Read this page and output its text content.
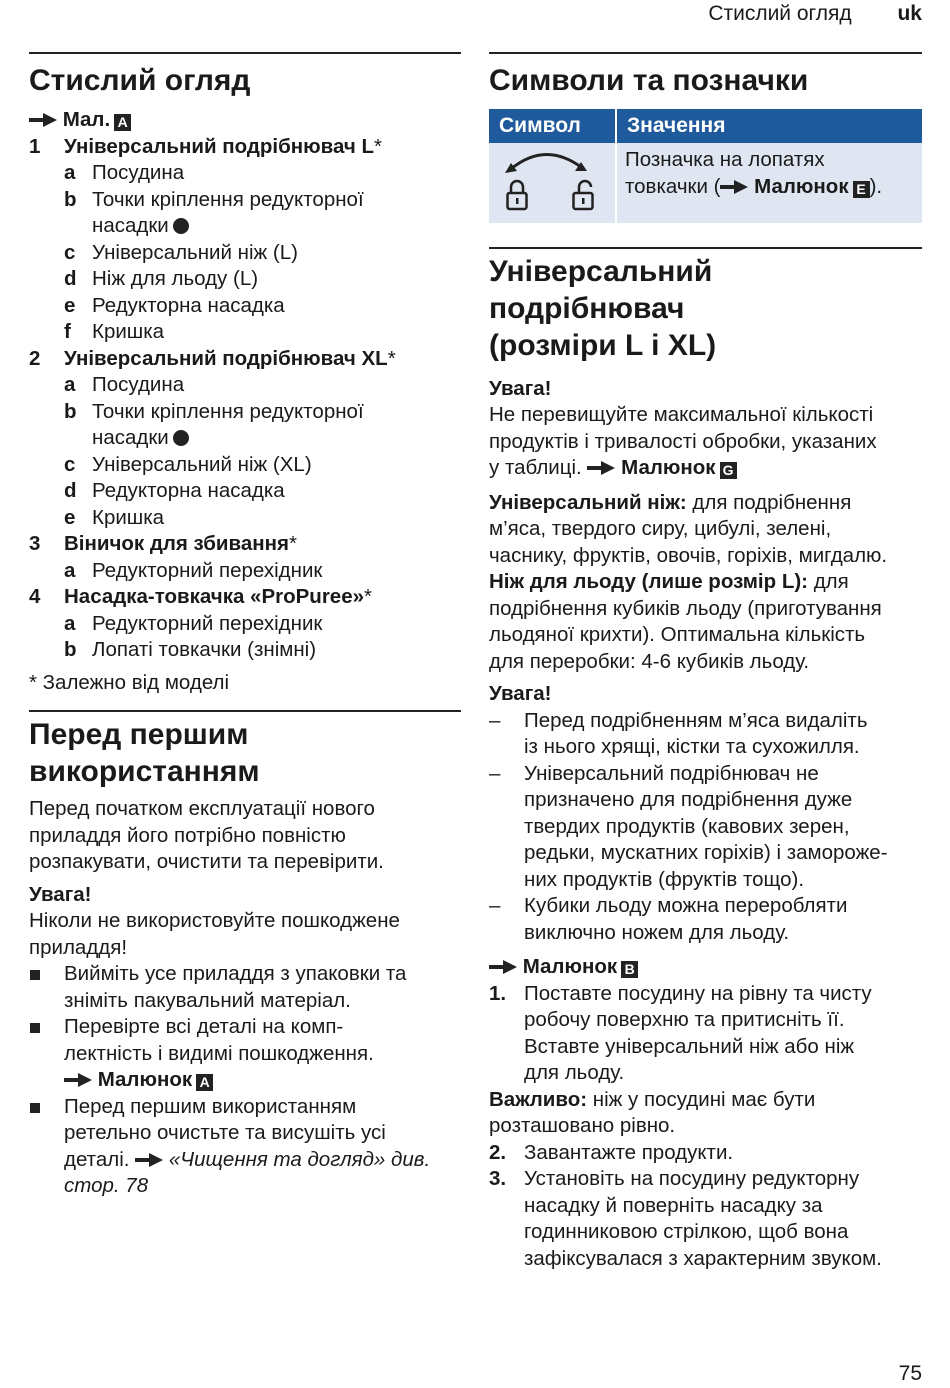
Стислий огляд uk
Стислий огляд
Мал. A
1	Універсальний подрібнювач L *
a Посудина
b Точки кріплення редукторної
насадки
c Універсальний ніж (L)
d Ніж для льоду (L)
e Редукторна насадка
f	Кришка
2	Універсальний подрібнювач XL *
a Посудина
b Точки кріплення редукторної
насадки
c Універсальний ніж (XL)
d Редукторна насадка
e Кришка
3	Віничок для збивання *
a Редукторний перехідник
4	Насадка-товкачка «ProPuree» *
a Редукторний перехідник
b Лопаті товкачки (знімні)
* Залежно від моделі
Перед першим
використанням
Перед початком експлуатації нового
приладдя його потрібно повністю
розпакувати, очистити та перевірити.
Увага!
Ніколи не використовуйте пошкоджене
приладдя!
Вийміть усе приладдя з упаковки та
зніміть пакувальний матеріал.
Перевірте всі деталі на комп-
лектність і видимі пошкодження.
Малюнок A
Перед першим використанням
ретельно очистьте та висушіть усі
деталі. «Чищення та догляд» див.
стор. 78
Символи та позначки
Символ	Значення

Позначка на лопатях
товкачки ( Малюнок E ).
Універсальний
подрібнювач
(розміри L і XL)
Увага!
Не перевищуйте максимальної кількості
продуктів і тривалості обробки, указаних
у таблиці. Малюнок G
Універсальний ніж: для подрібнення
м’яса, твердого сиру, цибулі, зелені,
часнику, фруктів, овочів, горіхів, мигдалю.
Ніж для льоду (лише розмір L): для
подрібнення кубиків льоду (приготування
льодяної крихти). Оптимальна кількість
для переробки: 4-6 кубиків льоду.
Увага!
–	Перед подрібненням м’яса видаліть
із нього хрящі, кістки та сухожилля.
–	Універсальний подрібнювач не
призначено для подрібнення дуже
твердих продуктів (кавових зерен,
редьки, мускатних горіхів) і замороже-
них продуктів (фруктів тощо).
–	Кубики льоду можна переробляти
виключно ножем для льоду.
Малюнок B
1. Поставте посудину на рівну та чисту
робочу поверхню та притисніть її.
Вставте універсальний ніж або ніж
для льоду.
Важливо: ніж у посудині має бути
розташовано рівно.
2. Завантажте продукти.
3. Установіть на посудину редукторну
насадку й поверніть насадку за
годинниковою стрілкою, щоб вона
зафіксувалася з характерним звуком.
75
